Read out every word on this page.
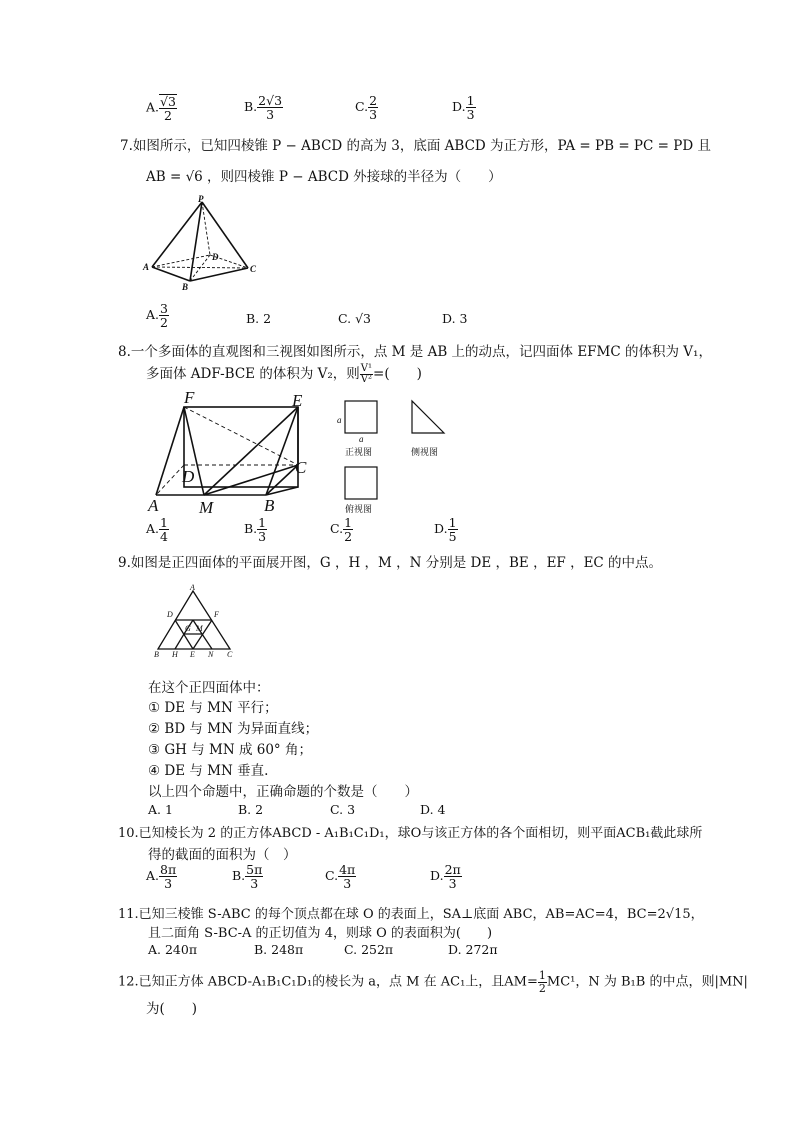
A. $\frac{√3}{2}$	B. $\frac{2√3}{3}$	C. $\frac{2}{3}$	D. $\frac{1}{3}$
7.如图所示，已知四棱锥 P − ABCD 的高为 3，底面 ABCD 为正方形，PA = PB = PC = PD 且
AB = √6 ，则四棱锥 P − ABCD 外接球的半径为（　　）
P
A
B
C
D
A. $\frac{3}{2}$	B. 2	C. √3	D. 3
8.一个多面体的直观图和三视图如图所示，点 M 是 AB 上的动点，记四面体 EFMC 的体积为 V₁，
多面体 ADF-BCE 的体积为 V₂，则 $\frac{\text{V¹}}{\text{V²}}$ =(　　)
F	E
C
D
A M	B
a
a
正视图	侧视图
俯视图
A. $\frac{1}{4}$	B. $\frac{1}{3}$	C. $\frac{1}{2}$	D. $\frac{1}{5}$
9.如图是正四面体的平面展开图，G ，H ，M ，N 分别是 DE ，BE ，EF ，EC 的中点。
A
D	F
G M
B H E N C
在这个正四面体中：
① DE 与 MN 平行；
② BD 与 MN 为异面直线；
③ GH 与 MN 成 60° 角；
④ DE 与 MN 垂直.
以上四个命题中，正确命题的个数是（　　）
A. 1	B. 2	C. 3	D. 4
10.已知棱长为 2 的正方体ABCD - A₁B₁C₁D₁，球O与该正方体的各个面相切，则平面ACB₁截此球所
得的截面的面积为（　）
A. $\frac{8\pi}{3}$	B. $\frac{5\pi}{3}$	C. $\frac{4\pi}{3}$	D. $\frac{2\pi}{3}$
11.已知三棱锥 S-ABC 的每个顶点都在球 O 的表面上，SA⊥底面 ABC，AB=AC=4，BC=2√15，
且二面角 S-BC-A 的正切值为 4，则球 O 的表面积为(　　)
A. 240π	B. 248π	C. 252π	D. 272π
12.已知正方体 ABCD-A₁B₁C₁D₁的棱长为 a，点 M 在 AC₁上，且$AM= \frac{1}{2} MC^1$，N 为 B₁B 的中点，则|MN|
为(　　)
